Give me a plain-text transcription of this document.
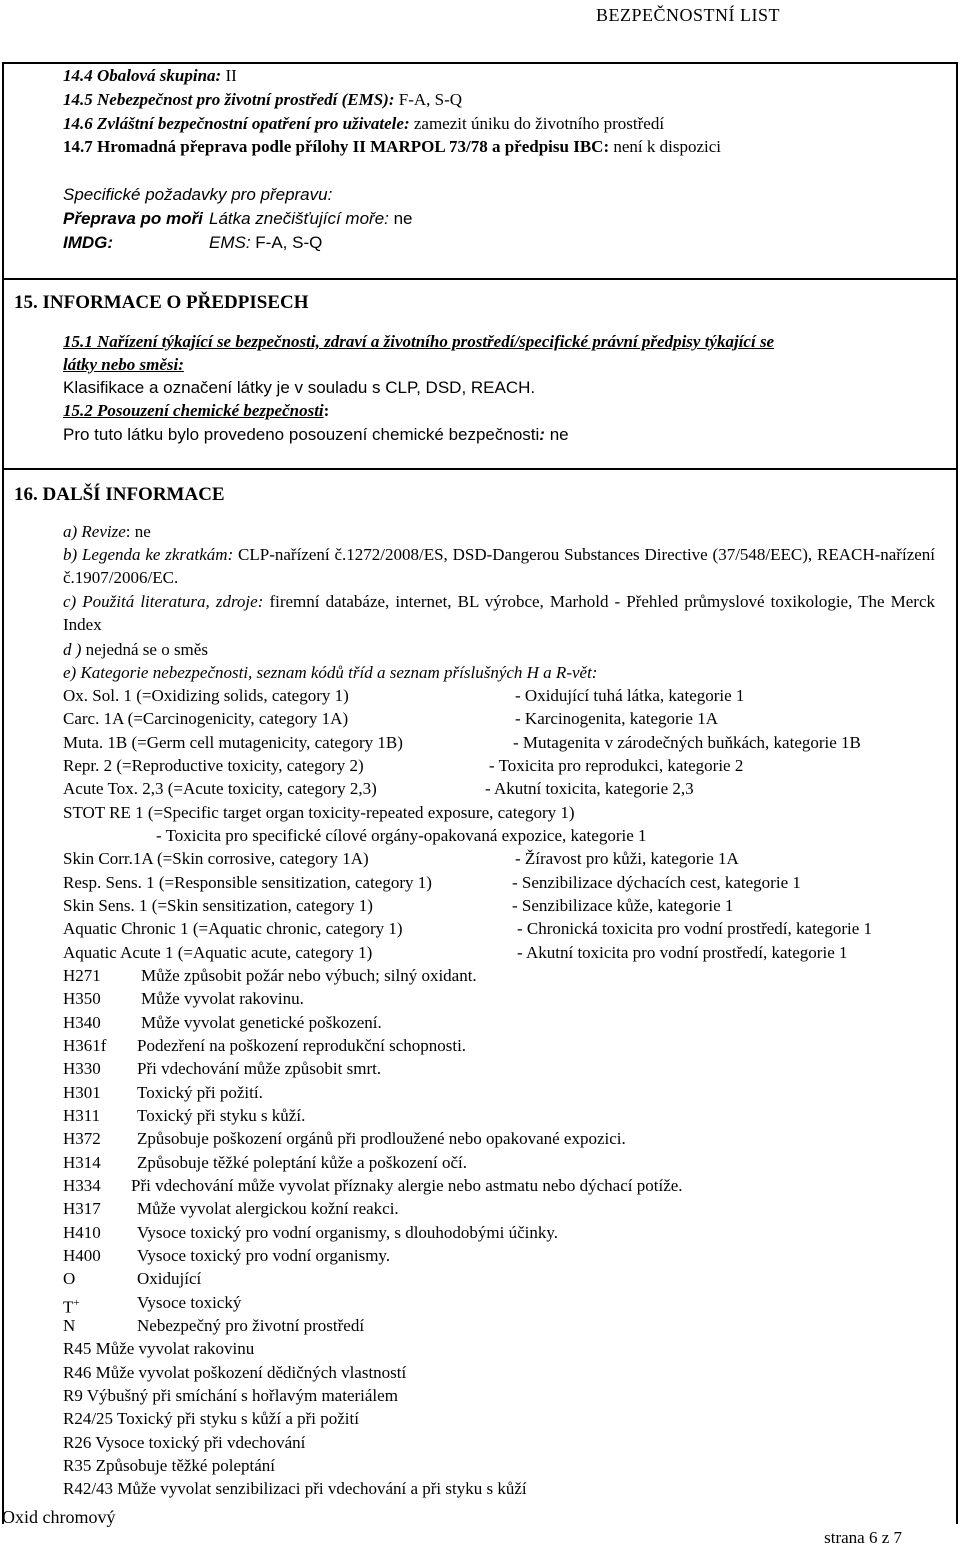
BEZPEČNOSTNÍ LIST
14.4 Obalová skupina: II
14.5 Nebezpečnost pro životní prostředí (EMS): F-A, S-Q
14.6 Zvláštní bezpečnostní opatření pro uživatele: zamezit úniku do životního prostředí
14.7 Hromadná přeprava podle přílohy II MARPOL 73/78 a předpisu IBC: není k dispozici
Specifické požadavky pro přepravu:
Přeprava po moři Látka znečišťující moře: ne
IMDG:	EMS: F-A, S-Q
15. INFORMACE O PŘEDPISECH
15.1 Nařízení týkající se bezpečnosti, zdraví a životního prostředí/specifické právní předpisy týkající se
látky nebo směsi:
Klasifikace a označení látky je v souladu s CLP, DSD, REACH.
15.2 Posouzení chemické bezpečnosti:
Pro tuto látku bylo provedeno posouzení chemické bezpečnosti: ne
16. DALŠÍ INFORMACE
a) Revize: ne
b) Legenda ke zkratkám: CLP-nařízení č.1272/2008/ES, DSD-Dangerou Substances Directive (37/548/EEC), REACH-nařízení č.1907/2006/EC.
c) Použitá literatura, zdroje: firemní databáze, internet, BL výrobce, Marhold - Přehled průmyslové toxikologie, The Merck Index
d ) nejedná se o směs
e) Kategorie nebezpečnosti, seznam kódů tříd a seznam příslušných H a R-vět:
Ox. Sol. 1 (=Oxidizing solids, category 1)	- Oxidující tuhá látka, kategorie 1
Carc. 1A (=Carcinogenicity, category 1A)	- Karcinogenita, kategorie 1A
Muta. 1B (=Germ cell mutagenicity, category 1B)	- Mutagenita v zárodečných buňkách, kategorie 1B
Repr. 2 (=Reproductive toxicity, category 2)	- Toxicita pro reprodukci, kategorie 2
Acute Tox. 2,3 (=Acute toxicity, category 2,3)	- Akutní toxicita, kategorie 2,3
STOT RE 1 (=Specific target organ toxicity-repeated exposure, category 1)
- Toxicita pro specifické cílové orgány-opakovaná expozice, kategorie 1
Skin Corr.1A (=Skin corrosive, category 1A)	- Žíravost pro kůži, kategorie 1A
Resp. Sens. 1 (=Responsible sensitization, category 1)	- Senzibilizace dýchacích cest, kategorie 1
Skin Sens. 1 (=Skin sensitization, category 1)	- Senzibilizace kůže, kategorie 1
Aquatic Chronic 1 (=Aquatic chronic, category 1)	- Chronická toxicita pro vodní prostředí, kategorie 1
Aquatic Acute 1 (=Aquatic acute, category 1)	- Akutní toxicita pro vodní prostředí, kategorie 1
H271 Může způsobit požár nebo výbuch; silný oxidant.
H350 Může vyvolat rakovinu.
H340 Může vyvolat genetické poškození.
H361f Podezření na poškození reprodukční schopnosti.
H330 Při vdechování může způsobit smrt.
H301 Toxický při požití.
H311 Toxický při styku s kůží.
H372 Způsobuje poškození orgánů při prodloužené nebo opakované expozici.
H314 Způsobuje těžké poleptání kůže a poškození očí.
H334 Při vdechování může vyvolat příznaky alergie nebo astmatu nebo dýchací potíže.
H317 Může vyvolat alergickou kožní reakci.
H410 Vysoce toxický pro vodní organismy, s dlouhodobými účinky.
H400 Vysoce toxický pro vodní organismy.
O	Oxidující
T+	Vysoce toxický
N	Nebezpečný pro životní prostředí
R45 Může vyvolat rakovinu
R46 Může vyvolat poškození dědičných vlastností
R9 Výbušný při smíchání s hořlavým materiálem
R24/25 Toxický při styku s kůží a při požití
R26 Vysoce toxický při vdechování
R35 Způsobuje těžké poleptání
R42/43 Může vyvolat senzibilizaci při vdechování a při styku s kůží
Oxid chromový
strana 6 z 7
